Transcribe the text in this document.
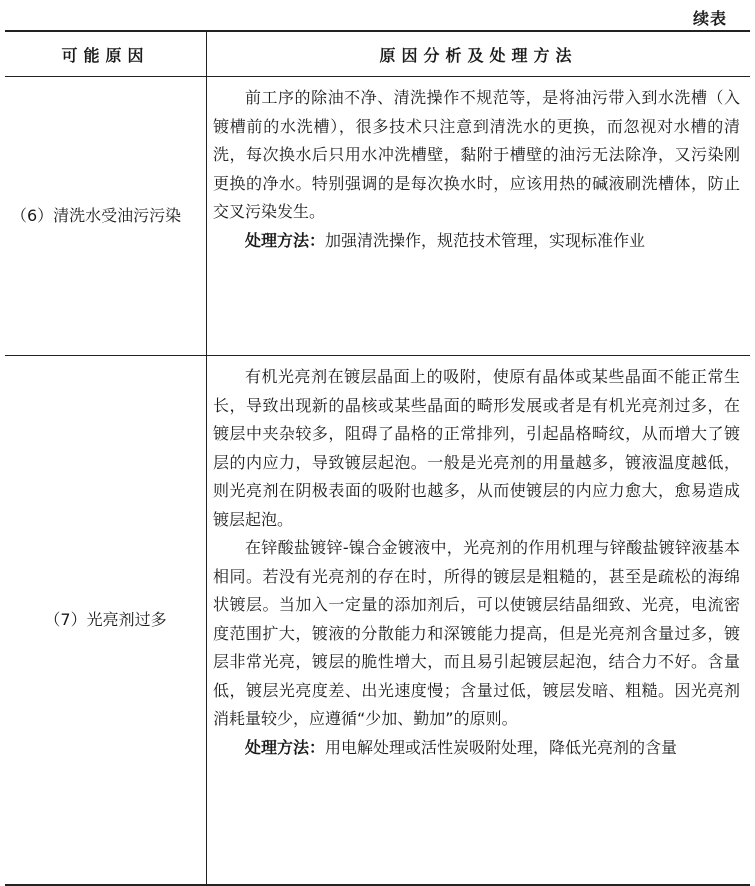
续表
可能原因	原因分析及处理方法
（6）清洗水受油污污染

前工序的除油不净、清洗操作不规范等，是将油污带入到水洗槽（入镀槽前的水洗槽），很多技术只注意到清洗水的更换，而忽视对水槽的清洗，每次换水后只用水冲洗槽壁，黏附于槽壁的油污无法除净，又污染刚更换的净水。特别强调的是每次换水时，应该用热的碱液刷洗槽体，防止交叉污染发生。

处理方法：加强清洗操作，规范技术管理，实现标准作业

（7）光亮剂过多

有机光亮剂在镀层晶面上的吸附，使原有晶体或某些晶面不能正常生长，导致出现新的晶核或某些晶面的畸形发展或者是有机光亮剂过多，在镀层中夹杂较多，阻碍了晶格的正常排列，引起晶格畸纹，从而增大了镀层的内应力，导致镀层起泡。一般是光亮剂的用量越多，镀液温度越低，则光亮剂在阴极表面的吸附也越多，从而使镀层的内应力愈大，愈易造成镀层起泡。

在锌酸盐镀锌-镍合金镀液中，光亮剂的作用机理与锌酸盐镀锌液基本相同。若没有光亮剂的存在时，所得的镀层是粗糙的，甚至是疏松的海绵状镀层。当加入一定量的添加剂后，可以使镀层结晶细致、光亮，电流密度范围扩大，镀液的分散能力和深镀能力提高，但是光亮剂含量过多，镀层非常光亮，镀层的脆性增大，而且易引起镀层起泡，结合力不好。含量低，镀层光亮度差、出光速度慢；含量过低，镀层发暗、粗糙。因光亮剂消耗量较少，应遵循“少加、勤加”的原则。

处理方法：用电解处理或活性炭吸附处理，降低光亮剂的含量
